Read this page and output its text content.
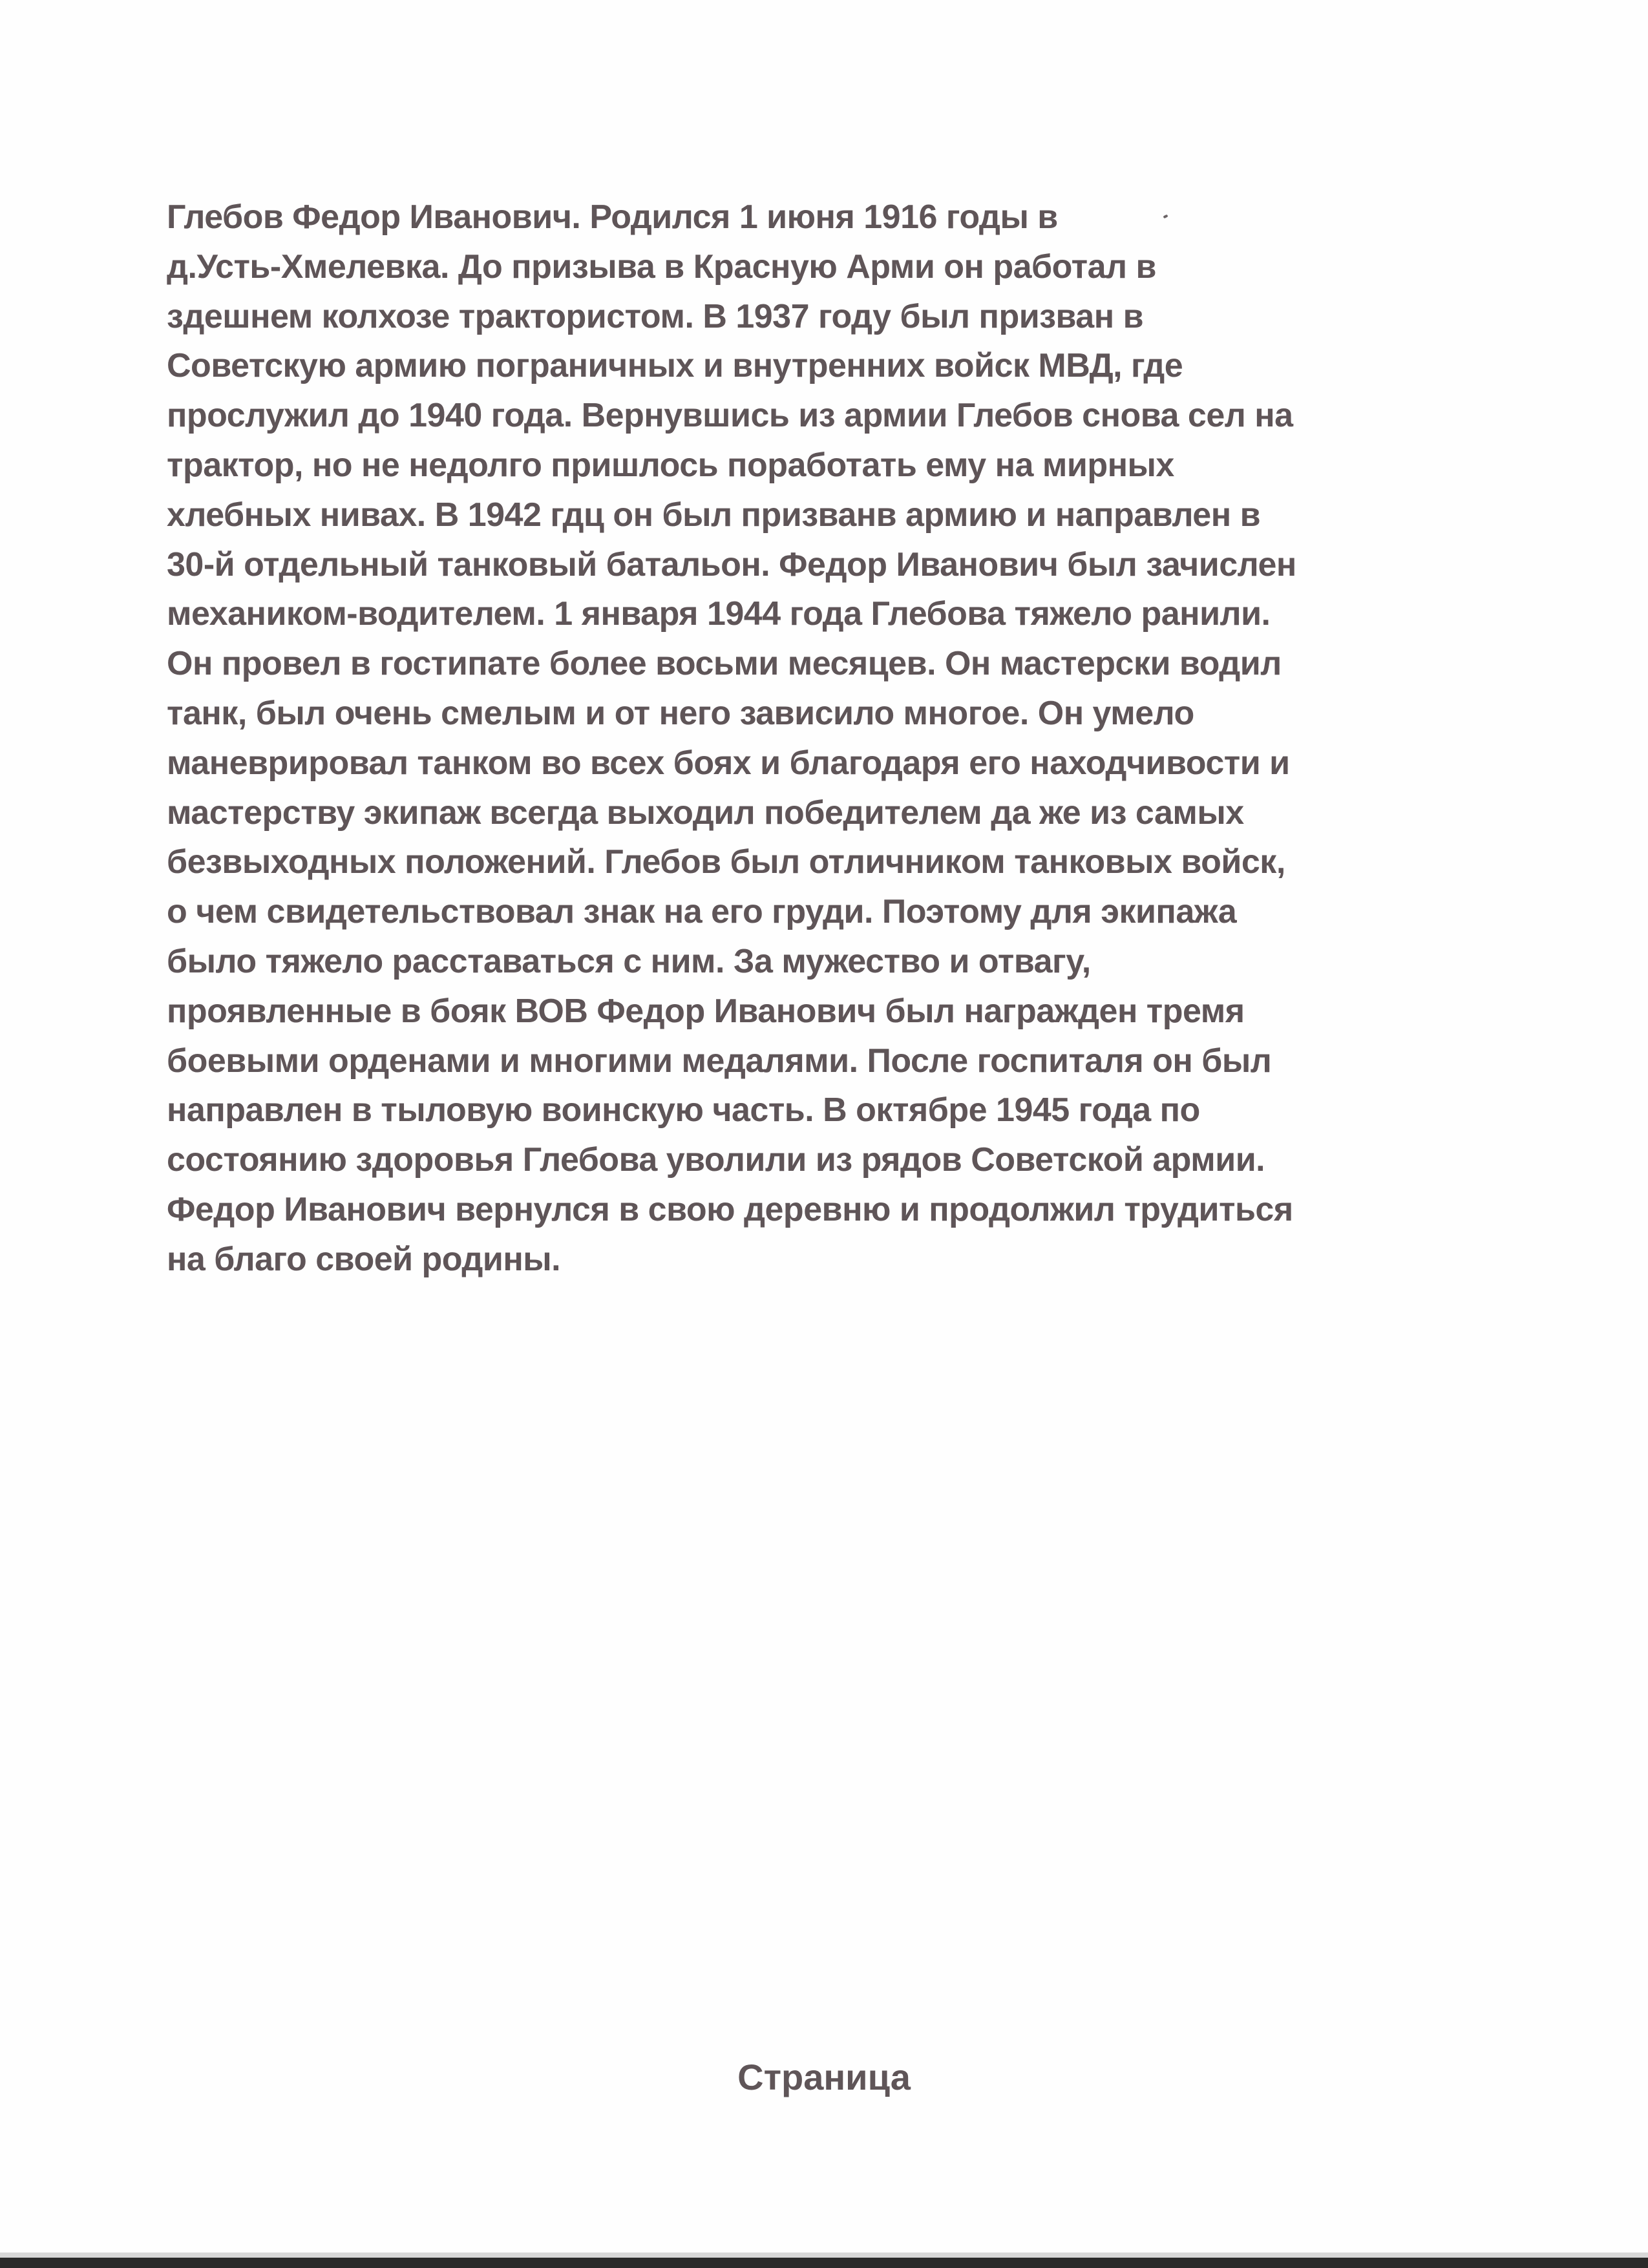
Глебов Федор Иванович. Родился 1 июня 1916 годы в
д.Усть-Хмелевка. До призыва в Красную Арми он работал в
здешнем колхозе трактористом. В 1937 году был призван в
Советскую армию пограничных и внутренних войск МВД, где
прослужил до 1940 года. Вернувшись из армии Глебов снова сел на
трактор, но не недолго пришлось поработать ему на мирных
хлебных нивах. В 1942 гдц он был призванв армию и направлен в
30-й отдельный танковый батальон. Федор Иванович был зачислен
механиком-водителем. 1 января 1944 года Глебова тяжело ранили.
Он провел в гостипате более восьми месяцев. Он мастерски водил
танк, был очень смелым и от него зависило многое. Он умело
маневрировал танком во всех боях и благодаря его находчивости и
мастерству экипаж всегда выходил победителем да же из самых
безвыходных положений. Глебов был отличником танковых войск,
о чем свидетельствовал знак на его груди. Поэтому для экипажа
было тяжело расставаться с ним. За мужество и отвагу,
проявленные в бояк ВОВ Федор Иванович был награжден тремя
боевыми орденами и многими медалями. После госпиталя он был
направлен в тыловую воинскую часть. В октябре 1945 года по
состоянию здоровья Глебова уволили из рядов Советской армии.
Федор Иванович вернулся в свою деревню и продолжил трудиться
на благо своей родины.

Страница
